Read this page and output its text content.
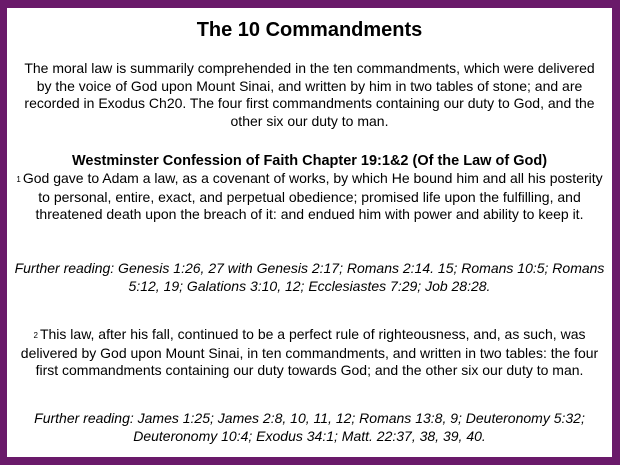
The 10 Commandments
The moral law is summarily comprehended in the ten commandments, which were delivered by the voice of God upon Mount Sinai, and written by him in two tables of stone; and are recorded in Exodus Ch20. The four first commandments containing our duty to God, and the other six our duty to man.
Westminster Confession of Faith Chapter 19:1&2 (Of the Law of God)
1 God gave to Adam a law, as a covenant of works, by which He bound him and all his posterity to personal, entire, exact, and perpetual obedience; promised life upon the fulfilling, and threatened death upon the breach of it: and endued him with power and ability to keep it.
Further reading: Genesis 1:26, 27 with Genesis 2:17; Romans 2:14. 15; Romans 10:5; Romans 5:12, 19; Galations 3:10, 12; Ecclesiastes 7:29; Job 28:28.
2 This law, after his fall, continued to be a perfect rule of righteousness, and, as such, was delivered by God upon Mount Sinai, in ten commandments, and written in two tables: the four first commandments containing our duty towards God; and the other six our duty to man.
Further reading: James 1:25; James 2:8, 10, 11, 12; Romans 13:8, 9; Deuteronomy 5:32; Deuteronomy 10:4; Exodus 34:1; Matt. 22:37, 38, 39, 40.
